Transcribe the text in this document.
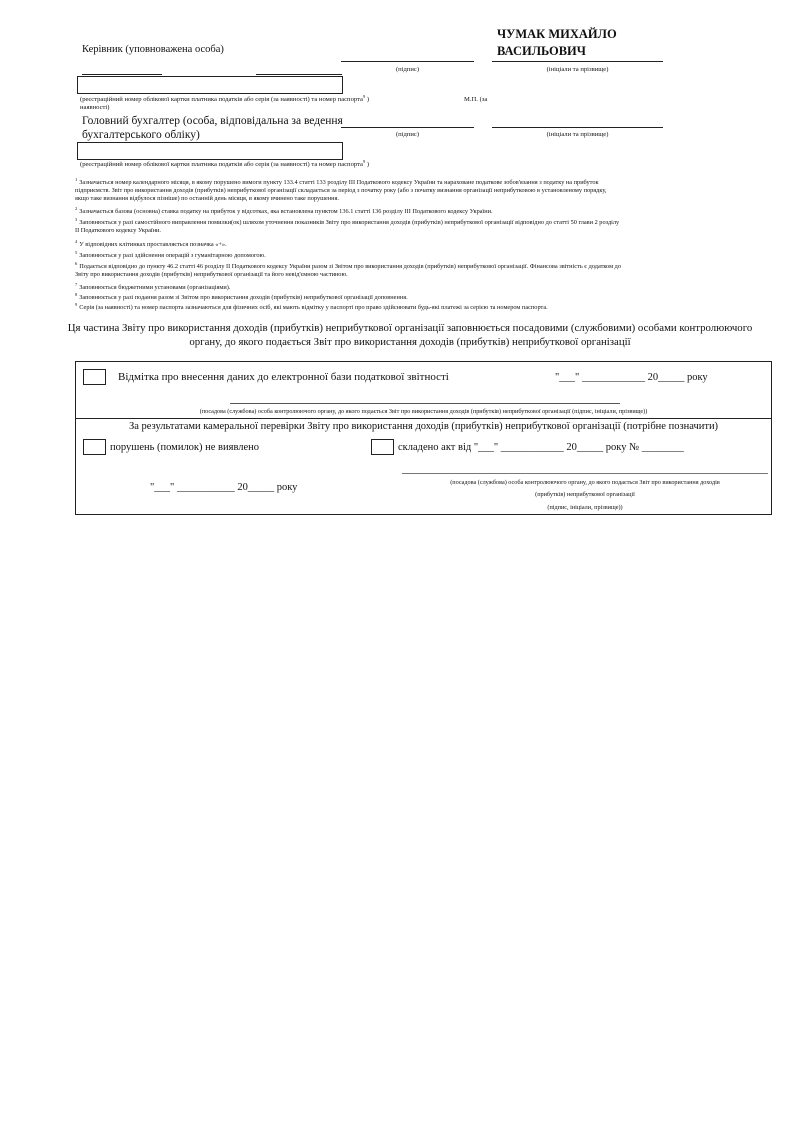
Керівник (уповноважена особа)
ЧУМАК МИХАЙЛО
ВАСИЛЬОВИЧ
(підпис)	(ініціали та прізвище)
(реєстраційний номер облікової картки платника податків або серія (за наявності) та номер паспорта$^9$ )	М.П. (за
наявності)
Головний бухгалтер (особа, відповідальна за ведення
бухгалтерського обліку)	(підпис)	(ініціали та прізвище)
(реєстраційний номер облікової картки платника податків або серія (за наявності) та номер паспорта$^9$ )
$^1$ Зазначається номер календарного місяця, в якому порушено вимоги пункту 133.4 статті 133 розділу ІІІ Податкового кодексу України та нараховане податкове зобов'язання з податку на прибуток
підприємств. Звіт про використання доходів (прибутків) неприбуткової організації складається за період з початку року (або з початку визнання організації неприбутковою в установленому порядку,
якщо таке визнання відбулося пізніше) по останній день місяця, в якому вчинено таке порушення.
$^2$ Зазначається базова (основна) ставка податку на прибуток у відсотках, яка встановлена пунктом 136.1 статті 136 розділу ІІІ Податкового кодексу України.
$^3$ Заповнюється у разі самостійного виправлення помилки(ок) шляхом уточнення показників Звіту про використання доходів (прибутків) неприбуткової організації відповідно до статті 50 глави 2 розділу
ІІ Податкового кодексу України.
$^4$ У відповідних клітинках проставляється позначка «+».
$^5$ Заповнюється у разі здійснення операцій з гуманітарною допомогою.
$^6$ Подається відповідно до пункту 46.2 статті 46 розділу ІІ Податкового кодексу України разом зі Звітом про використання доходів (прибутків) неприбуткової організації. Фінансова звітність є додатком до
Звіту про використання доходів (прибутків) неприбуткової організації та його невід'ємною частиною.
$^7$ Заповнюється бюджетними установами (організаціями).
$^8$ Заповнюється у разі подання разом зі Звітом про використання доходів (прибутків) неприбуткової організації доповнення.
$^9$ Серія (за наявності) та номер паспорта зазначаються для фізичних осіб, які мають відмітку у паспорті про право здійснювати будь-які платежі за серією та номером паспорта.
Ця частина Звіту про використання доходів (прибутків) неприбуткової організації заповнюється посадовими (службовими) особами контролюючого
органу, до якого подається Звіт про використання доходів (прибутків) неприбуткової організації
Відмітка про внесення даних до електронної бази податкової звітності	"___" ____________ 20_____ року
(посадова (службова) особа контролюючого органу, до якого подається Звіт про використання доходів (прибутків) неприбуткової організації (підпис, ініціали, прізвище))
За результатами камеральної перевірки Звіту про використання доходів (прибутків) неприбуткової організації (потрібне позначити)
порушень (помилок) не виявлено	складено акт від "___" ____________ 20_____ року № ________
"___" ___________ 20_____ року	(посадова (службова) особа контролюючого органу, до якого подається Звіт про використання доходів
(прибутків) неприбуткової організації
(підпис, ініціали, прізвище))
